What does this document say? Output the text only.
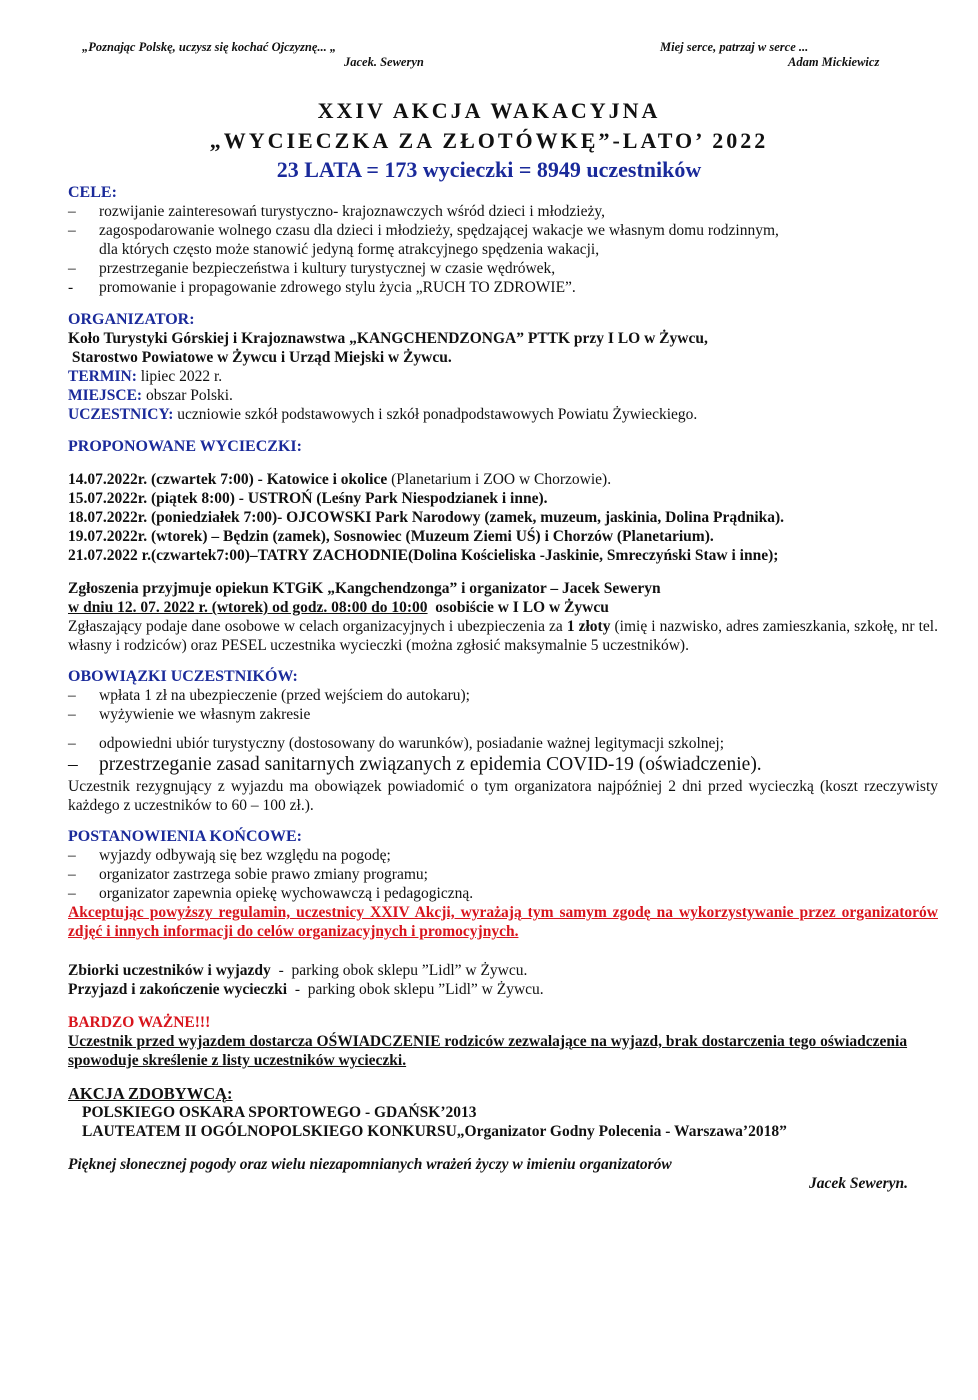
„Poznając Polskę, uczysz się kochać Ojczyznę... „
Jacek. Seweryn
Miej serce, patrzaj w serce ...
Adam Mickiewicz
XXIV AKCJA WAKACYJNA
„WYCIECZKA ZA ZŁOTÓWKĘ”-LATO’ 2022
23 LATA = 173 wycieczki = 8949 uczestników
CELE:
–	rozwijanie zainteresowań turystyczno- krajoznawczych wśród dzieci i młodzieży,
–	zagospodarowanie wolnego czasu dla dzieci i młodzieży, spędzającej wakacje we własnym domu rodzinnym,
dla których często może stanowić jedyną formę atrakcyjnego spędzenia wakacji,
–	przestrzeganie bezpieczeństwa i kultury turystycznej w czasie wędrówek,
-	promowanie i propagowanie zdrowego stylu życia „RUCH TO ZDROWIE”.
ORGANIZATOR:
Koło Turystyki Górskiej i Krajoznawstwa „KANGCHENDZONGA” PTTK przy I LO w Żywcu,
Starostwo Powiatowe w Żywcu i Urząd Miejski w Żywcu.
TERMIN: lipiec 2022 r.
MIEJSCE: obszar Polski.
UCZESTNICY: uczniowie szkół podstawowych i szkół ponadpodstawowych Powiatu Żywieckiego.
PROPONOWANE WYCIECZKI:
14.07.2022r. (czwartek 7:00) - Katowice i okolice (Planetarium i ZOO w Chorzowie).
15.07.2022r. (piątek 8:00) - USTROŃ (Leśny Park Niespodzianek i inne).
18.07.2022r. (poniedziałek 7:00)- OJCOWSKI Park Narodowy (zamek, muzeum, jaskinia, Dolina Prądnika).
19.07.2022r. (wtorek) – Będzin (zamek), Sosnowiec (Muzeum Ziemi UŚ) i Chorzów (Planetarium).
21.07.2022 r.(czwartek7:00)–TATRY ZACHODNIE(Dolina Kościeliska -Jaskinie, Smreczyński Staw i inne);
Zgłoszenia przyjmuje opiekun KTGiK „Kangchendzonga” i organizator – Jacek Seweryn
w dniu 12. 07. 2022 r. (wtorek) od godz. 08:00 do 10:00  osobiście w I LO w Żywcu
Zgłaszający podaje dane osobowe w celach organizacyjnych i ubezpieczenia za 1 złoty (imię i nazwisko, adres zamieszkania, szkołę, nr tel. własny i rodziców) oraz PESEL uczestnika wycieczki (można zgłosić maksymalnie 5 uczestników).
OBOWIĄZKI UCZESTNIKÓW:
–	wpłata 1 zł na ubezpieczenie (przed wejściem do autokaru);
–	wyżywienie we własnym zakresie
–	odpowiedni ubiór turystyczny (dostosowany do warunków), posiadanie ważnej legitymacji szkolnej;
–	przestrzeganie zasad sanitarnych związanych z epidemia COVID-19 (oświadczenie).
Uczestnik rezygnujący z wyjazdu ma obowiązek powiadomić o tym organizatora najpóźniej 2 dni przed wycieczką (koszt rzeczywisty każdego z uczestników to 60 – 100 zł.).
POSTANOWIENIA KOŃCOWE:
–	wyjazdy odbywają się bez względu na pogodę;
–	organizator zastrzega sobie prawo zmiany programu;
–	organizator zapewnia opiekę wychowawczą i pedagogiczną.
Akceptując powyższy regulamin, uczestnicy XXIV Akcji, wyrażają tym samym zgodę na wykorzystywanie przez organizatorów zdjęć i innych informacji do celów organizacyjnych i promocyjnych.
Zbiorki uczestników i wyjazdy  -  parking obok sklepu ”Lidl” w Żywcu.
Przyjazd i zakończenie wycieczki  -  parking obok sklepu ”Lidl” w Żywcu.
BARDZO WAŻNE!!!
Uczestnik przed wyjazdem dostarcza OŚWIADCZENIE rodziców zezwalające na wyjazd, brak dostarczenia tego oświadczenia spowoduje skreślenie z listy uczestników wycieczki.
AKCJA ZDOBYWCĄ:
POLSKIEGO OSKARA SPORTOWEGO - GDAŃSK’2013
LAUTEATEM II OGÓLNOPOLSKIEGO KONKURSU„Organizator Godny Polecenia - Warszawa’2018”
Pięknej słonecznej pogody oraz wielu niezapomnianych wrażeń życzy w imieniu organizatorów
Jacek Seweryn.
